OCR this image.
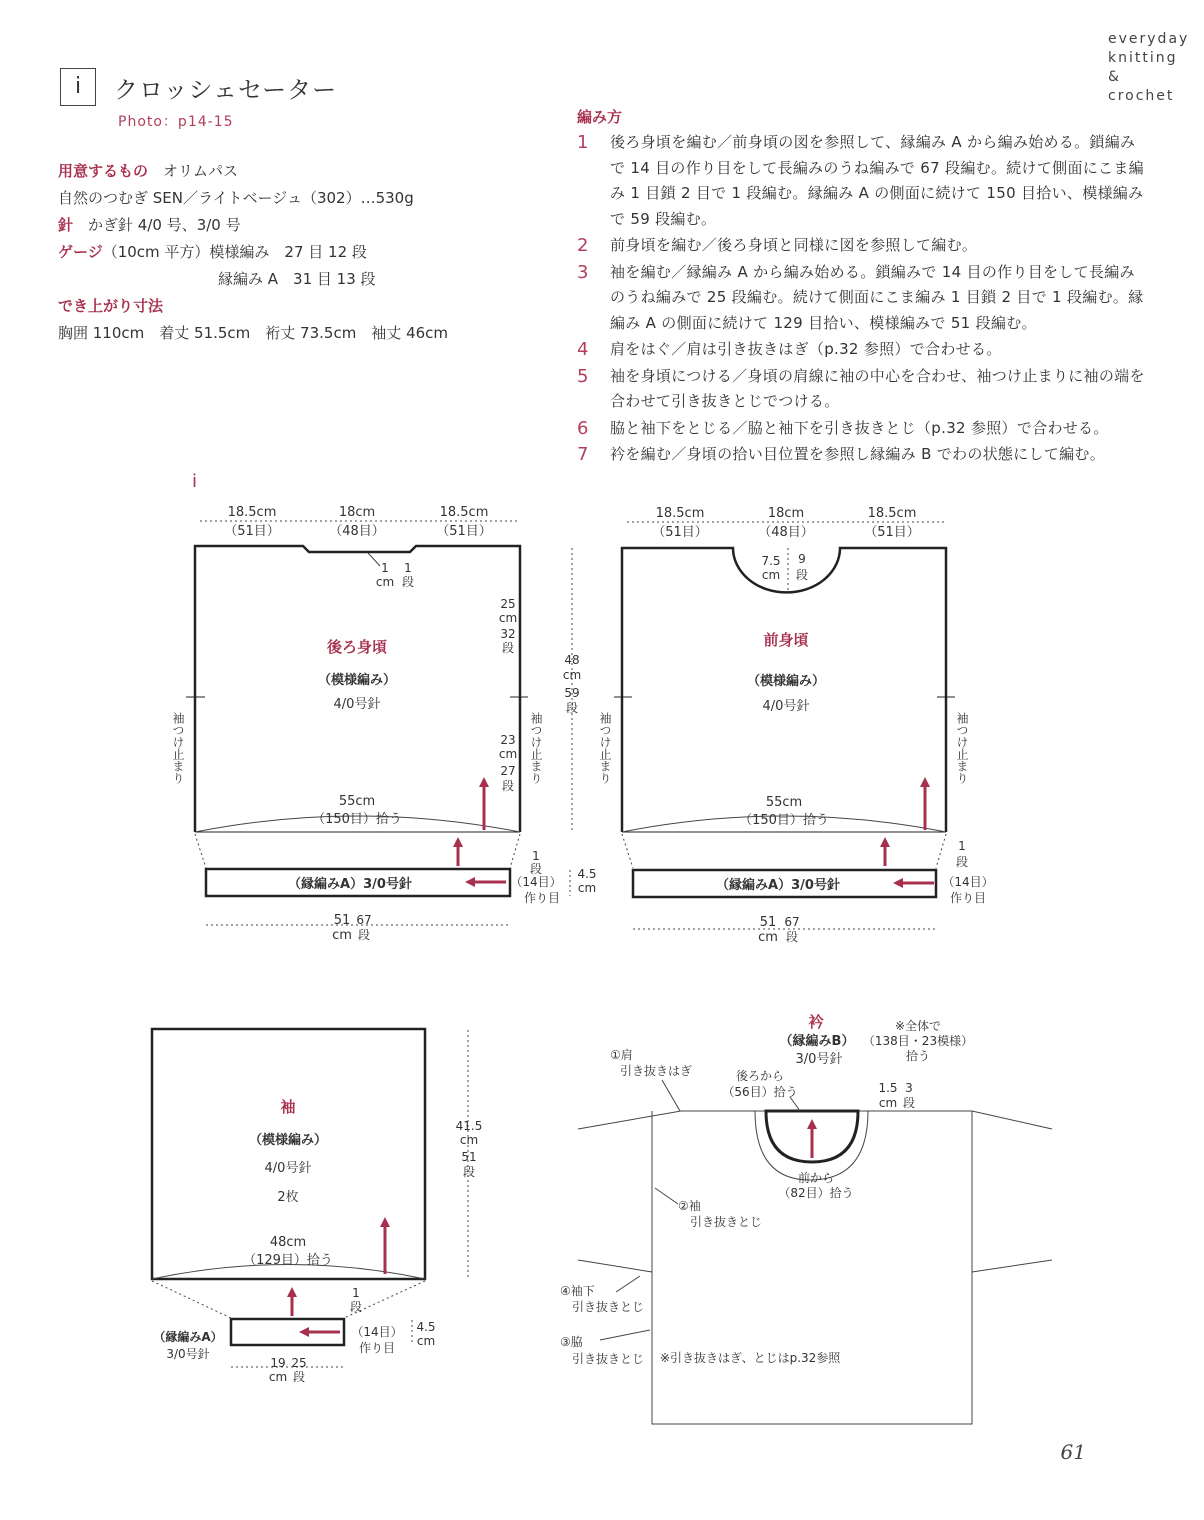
everyday
knitting
&
crochet
i	クロッシェセーター
Photo：p14-15
用意するもの　 オリムパス
自然のつむぎ SEN／ライトベージュ（302）…530g
針　 かぎ針 4/0 号、3/0 号
ゲージ（10cm 平方）模様編み　27 目 12 段
縁編み A　31 目 13 段
でき上がり寸法
胸囲 110cm　着丈 51.5cm　裄丈 73.5cm　袖丈 46cm
編み方
1	後ろ身頃を編む／前身頃の図を参照して、縁編み A から編み始める。鎖編みで 14 目の作り目をして長編みのうね編みで 67 段編む。続けて側面にこま編み 1 目鎖 2 目で 1 段編む。縁編み A の側面に続けて 150 目拾い、模様編みで 59 段編む。
2	前身頃を編む／後ろ身頃と同様に図を参照して編む。
3	袖を編む／縁編み A から編み始める。鎖編みで 14 目の作り目をして長編みのうね編みで 25 段編む。続けて側面にこま編み 1 目鎖 2 目で 1 段編む。縁編み A の側面に続けて 129 目拾い、模様編みで 51 段編む。
4	肩をはぐ／肩は引き抜きはぎ（p.32 参照）で合わせる。
5	袖を身頃につける／身頃の肩線に袖の中心を合わせ、袖つけ止まりに袖の端を合わせて引き抜きとじでつける。
6	脇と袖下をとじる／脇と袖下を引き抜きとじ（p.32 参照）で合わせる。
7	衿を編む／身頃の拾い目位置を参照し縁編み B でわの状態にして編む。
i
18.5cm
（51目）
18cm
（48目）
18.5cm
（51目）
1
cm
1
段
後ろ身頃
（模様編み）
4/0号針
25
cm
32
段
23
cm
27
段
48
cm
59
段
袖つけ止まり	袖つけ止まり
55cm
（150目）拾う
（縁編みA）3/0号針
1
段
（14目）
作り目
4.5
cm
51
cm
67
段
18.5cm
（51目）
18cm
（48目）
18.5cm
（51目）
7.5
cm
9
段
前身頃
（模様編み）
4/0号針
袖つけ止まり	袖つけ止まり
55cm
（150目）拾う
（縁編みA）3/0号針
1
段
（14目）
作り目
51
cm
67
段
袖
（模様編み）
4/0号針
2枚
48cm
（129目）拾う
41.5
cm
51
段
（縁編みA）
3/0号針
1
段
（14目）
作り目
4.5
cm
19
cm
25
段
衿
（縁編みB）
3/0号針
※全体で
（138目・23模様）
拾う
①肩
引き抜きはぎ	後ろから
（56目）拾う	1.5
cm
3
段
前から
（82目）拾う
②袖
引き抜きとじ
④袖下
引き抜きとじ
③脇
引き抜きとじ ※引き抜きはぎ、とじはp.32参照
61
